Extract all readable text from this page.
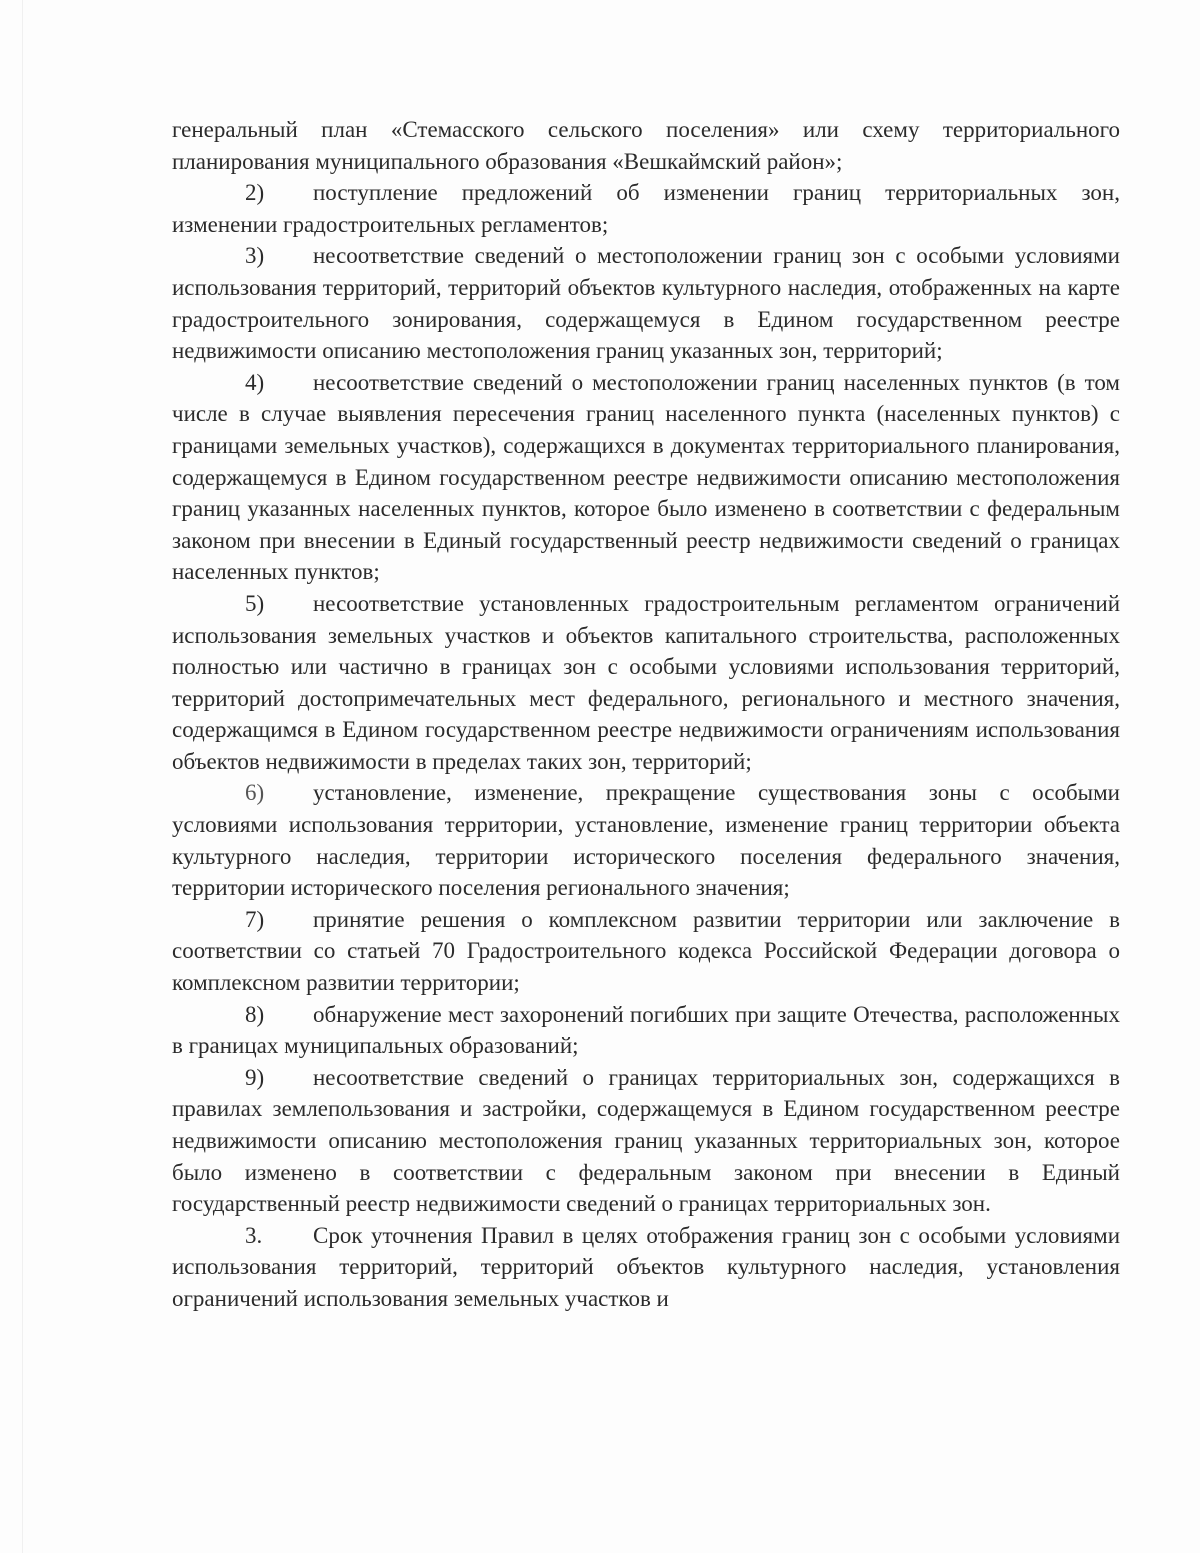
генеральный план «Стемасского сельского поселения» или схему территориального планирования муниципального образования «Вешкаймский район»;

2) поступление предложений об изменении границ территориальных зон, изменении градостроительных регламентов;

3) несоответствие сведений о местоположении границ зон с особыми условиями использования территорий, территорий объектов культурного наследия, отображенных на карте градостроительного зонирования, содержащемуся в Едином государственном реестре недвижимости описанию местоположения границ указанных зон, территорий;

4) несоответствие сведений о местоположении границ населенных пунктов (в том числе в случае выявления пересечения границ населенного пункта (населенных пунктов) с границами земельных участков), содержащихся в документах территориального планирования, содержащемуся в Едином государственном реестре недвижимости описанию местоположения границ указанных населенных пунктов, которое было изменено в соответствии с федеральным законом при внесении в Единый государственный реестр недвижимости сведений о границах населенных пунктов;

5) несоответствие установленных градостроительным регламентом ограничений использования земельных участков и объектов капитального строительства, расположенных полностью или частично в границах зон с особыми условиями использования территорий, территорий достопримечательных мест федерального, регионального и местного значения, содержащимся в Едином государственном реестре недвижимости ограничениям использования объектов недвижимости в пределах таких зон, территорий;

6) установление, изменение, прекращение существования зоны с особыми условиями использования территории, установление, изменение границ территории объекта культурного наследия, территории исторического поселения федерального значения, территории исторического поселения регионального значения;

7) принятие решения о комплексном развитии территории или заключение в соответствии со статьей 70 Градостроительного кодекса Российской Федерации договора о комплексном развитии территории;

8) обнаружение мест захоронений погибших при защите Отечества, расположенных в границах муниципальных образований;

9) несоответствие сведений о границах территориальных зон, содержащихся в правилах землепользования и застройки, содержащемуся в Едином государственном реестре недвижимости описанию местоположения границ указанных территориальных зон, которое было изменено в соответствии с федеральным законом при внесении в Единый государственный реестр недвижимости сведений о границах территориальных зон.

3. Срок уточнения Правил в целях отображения границ зон с особыми условиями использования территорий, территорий объектов культурного наследия, установления ограничений использования земельных участков и
